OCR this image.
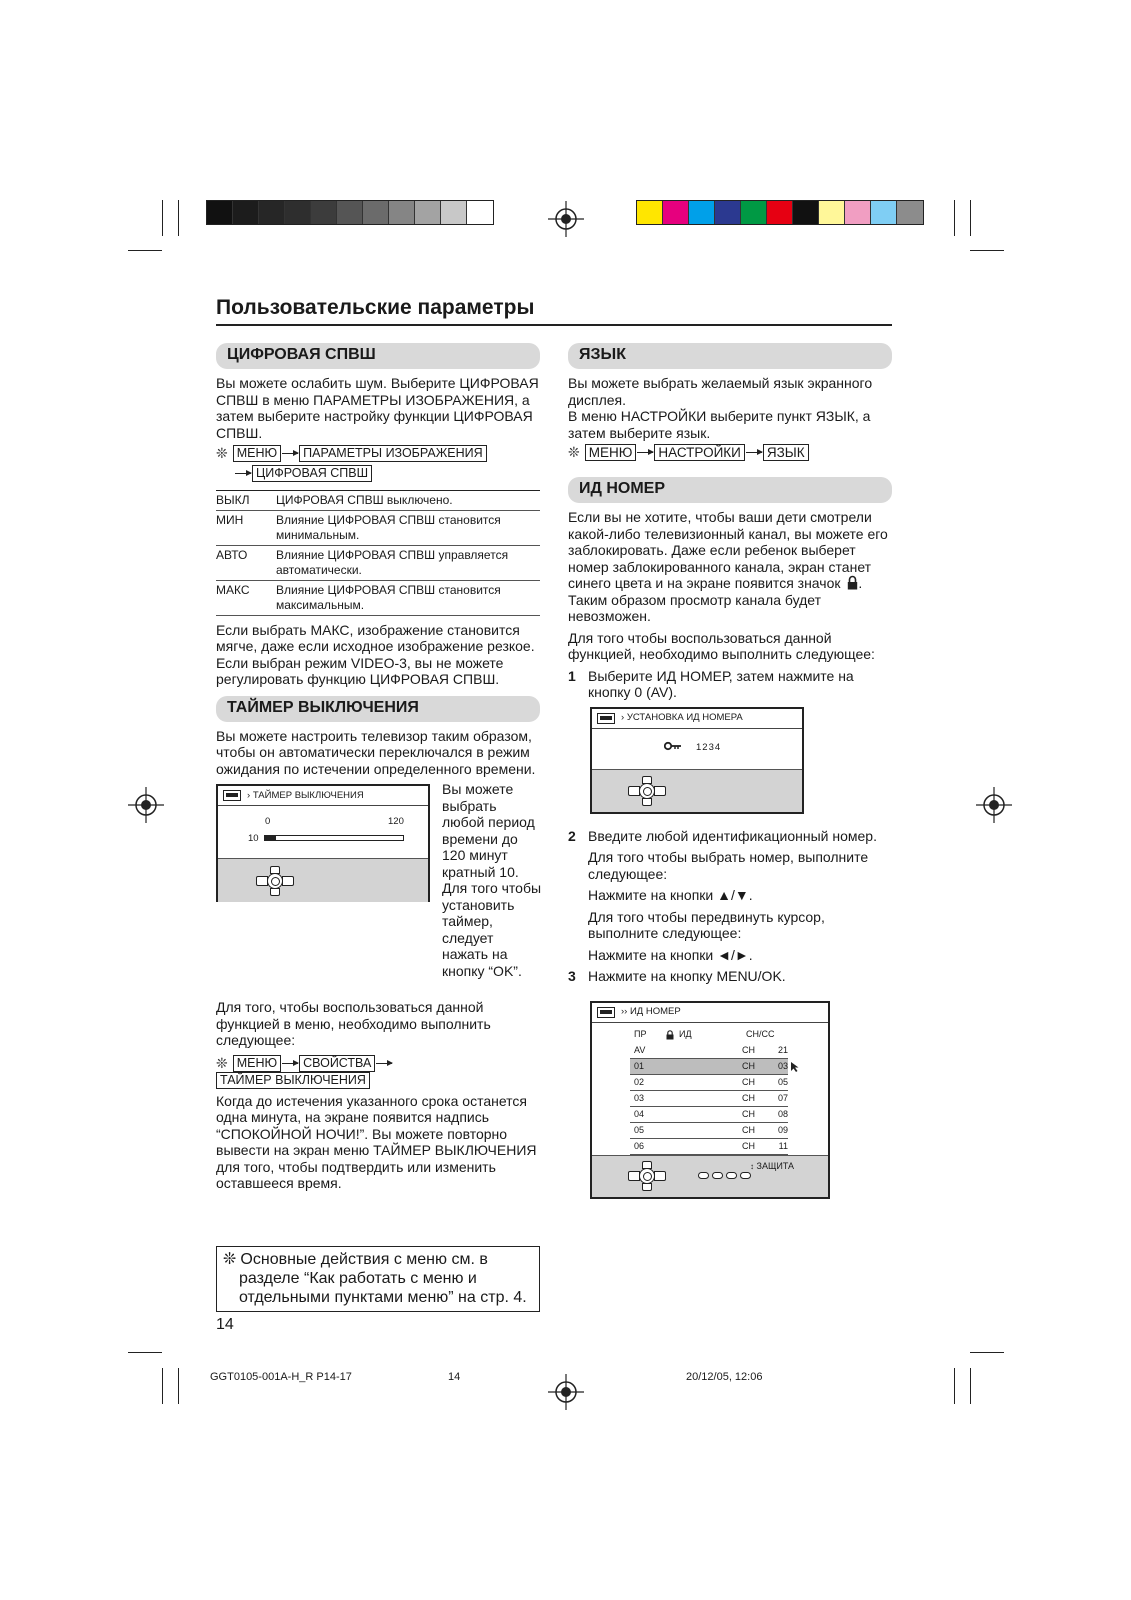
Пользовательские параметры
ЦИФРОВАЯ СПВШ
Вы можете ослабить шум. Выберите ЦИФРОВАЯ СПВШ в меню ПАРАМЕТРЫ ИЗОБРАЖЕНИЯ, а затем выберите настройку функции ЦИФРОВАЯ СПВШ.
❊ МЕНЮ	ПАРАМЕТРЫ ИЗОБРАЖЕНИЯ
ЦИФРОВАЯ СПВШ
ВЫКЛ	ЦИФРОВАЯ СПВШ выключено.
МИН	Влияние ЦИФРОВАЯ СПВШ становится минимальным.
АВТО	Влияние ЦИФРОВАЯ СПВШ управляется автоматически.
МАКС	Влияние ЦИФРОВАЯ СПВШ становится максимальным.
Если выбрать МАКС, изображение становится мягче, даже если исходное изображение резкое.
Если выбран режим VIDEO-3, вы не можете регулировать функцию ЦИФРОВАЯ СПВШ.
ТАЙМЕР ВЫКЛЮЧЕНИЯ
Вы можете настроить телевизор таким образом, чтобы он автоматически переключался в режим ожидания по истечении определенного времени.
› ТАЙМЕР ВЫКЛЮЧЕНИЯ
0	120
10
Вы можете выбрать любой период времени до 120 минут кратный 10. Для того чтобы установить таймер, следует нажать на кнопку “OK”.
Для того, чтобы воспользоваться данной функцией в меню, необходимо выполнить следующее:
❊ МЕНЮ	СВОЙСТВА
ТАЙМЕР ВЫКЛЮЧЕНИЯ
Когда до истечения указанного срока останется одна минута, на экране появится надпись “СПОКОЙНОЙ НОЧИ!”. Вы можете повторно вывести на экран меню ТАЙМЕР ВЫКЛЮЧЕНИЯ для того, чтобы подтвердить или изменить оставшееся время.
❊ Основные действия с меню см. в разделе “Как работать с меню и отдельными пунктами меню” на стр. 4.
14
ЯЗЫК
Вы можете выбрать желаемый язык экранного дисплея.
В меню НАСТРОЙКИ выберите пункт ЯЗЫК, а затем выберите язык.
❊ МЕНЮ НАСТРОЙКИ ЯЗЫК
ИД НОМЕР
Если вы не хотите, чтобы ваши дети смотрели какой-либо телевизионный канал, вы можете его заблокировать. Даже если ребенок выберет номер заблокированного канала, экран станет синего цвета и на экране появится значок . Таким образом просмотр канала будет невозможен.
Для того чтобы воспользоваться данной функцией, необходимо выполнить следующее:
1 Выберите ИД НОМЕР, затем нажмите на кнопку 0 (AV).
› УСТАНОВКА ИД НОМЕРА
1234
2 Введите любой идентификационный номер.
Для того чтобы выбрать номер, выполните следующее:
Нажмите на кнопки ▲/▼.
Для того чтобы передвинуть курсор, выполните следующее:
Нажмите на кнопки ◄/►.
3 Нажмите на кнопку MENU/OK.
›› ИД НОМЕР
ПР	ИД	CH/CC
AV	CH	21
01	CH	03
02	CH	05
03	CH	07
04	CH	08
05	CH	09
06	CH	11
↕ ЗАЩИТА
GGT0105-001A-H_R P14-17	14	20/12/05, 12:06
